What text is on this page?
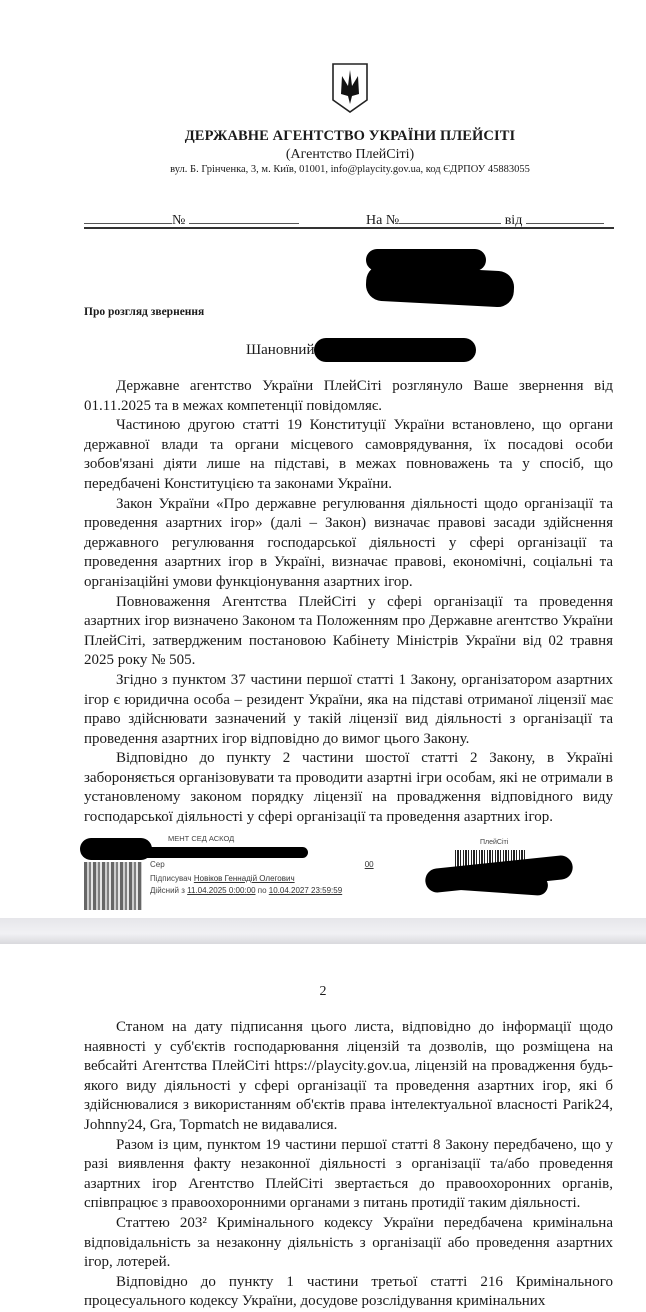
ДЕРЖАВНЕ АГЕНТСТВО УКРАЇНИ ПЛЕЙСІТІ
(Агентство ПлейСіті)
вул. Б. Грінченка, 3, м. Київ, 01001, info@playcity.gov.ua, код ЄДРПОУ 45883055
№	На №	від
Про розгляд звернення
Шановний

Державне агентство України ПлейСіті розглянуло Ваше звернення від 01.11.2025 та в межах компетенції повідомляє.

Частиною другою статті 19 Конституції України встановлено, що органи державної влади та органи місцевого самоврядування, їх посадові особи зобов'язані діяти лише на підставі, в межах повноважень та у спосіб, що передбачені Конституцією та законами України.

Закон України «Про державне регулювання діяльності щодо організації та проведення азартних ігор» (далі – Закон) визначає правові засади здійснення державного регулювання господарської діяльності у сфері організації та проведення азартних ігор в Україні, визначає правові, економічні, соціальні та організаційні умови функціонування азартних ігор.

Повноваження Агентства ПлейСіті у сфері організації та проведення азартних ігор визначено Законом та Положенням про Державне агентство України ПлейСіті, затвердженим постановою Кабінету Міністрів України від 02 травня 2025 року № 505.

Згідно з пунктом 37 частини першої статті 1 Закону, організатором азартних ігор є юридична особа – резидент України, яка на підставі отриманої ліцензії має право здійснювати зазначений у такій ліцензії вид діяльності з організації та проведення азартних ігор відповідно до вимог цього Закону.

Відповідно до пункту 2 частини шостої статті 2 Закону, в Україні забороняється організовувати та проводити азартні ігри особам, які не отримали в установленому законом порядку ліцензії на провадження відповідного виду господарської діяльності у сфері організації та проведення азартних ігор.

МЕНТ СЕД АСКОД
Сер	00
Підписувач Новіков Геннадій Олегович
Дійсний з 11.04.2025 0:00:00 по 10.04.2027 23:59:59
ПлейСіті
2

Станом на дату підписання цього листа, відповідно до інформації щодо наявності у суб'єктів господарювання ліцензій та дозволів, що розміщена на вебсайті Агентства ПлейСіті https://playcity.gov.ua, ліцензій на провадження будь-якого виду діяльності у сфері організації та проведення азартних ігор, які б здійснювалися з використанням об'єктів права інтелектуальної власності Parik24, Johnny24, Gra, Topmatch не видавалися.

Разом із цим, пунктом 19 частини першої статті 8 Закону передбачено, що у разі виявлення факту незаконної діяльності з організації та/або проведення азартних ігор Агентство ПлейСіті звертається до правоохоронних органів, співпрацює з правоохоронними органами з питань протидії таким діяльності.

Статтею 203² Кримінального кодексу України передбачена кримінальна відповідальність за незаконну діяльність з організації або проведення азартних ігор, лотерей.

Відповідно до пункту 1 частини третьої статті 216 Кримінального процесуального кодексу України, досудове розслідування кримінальних
